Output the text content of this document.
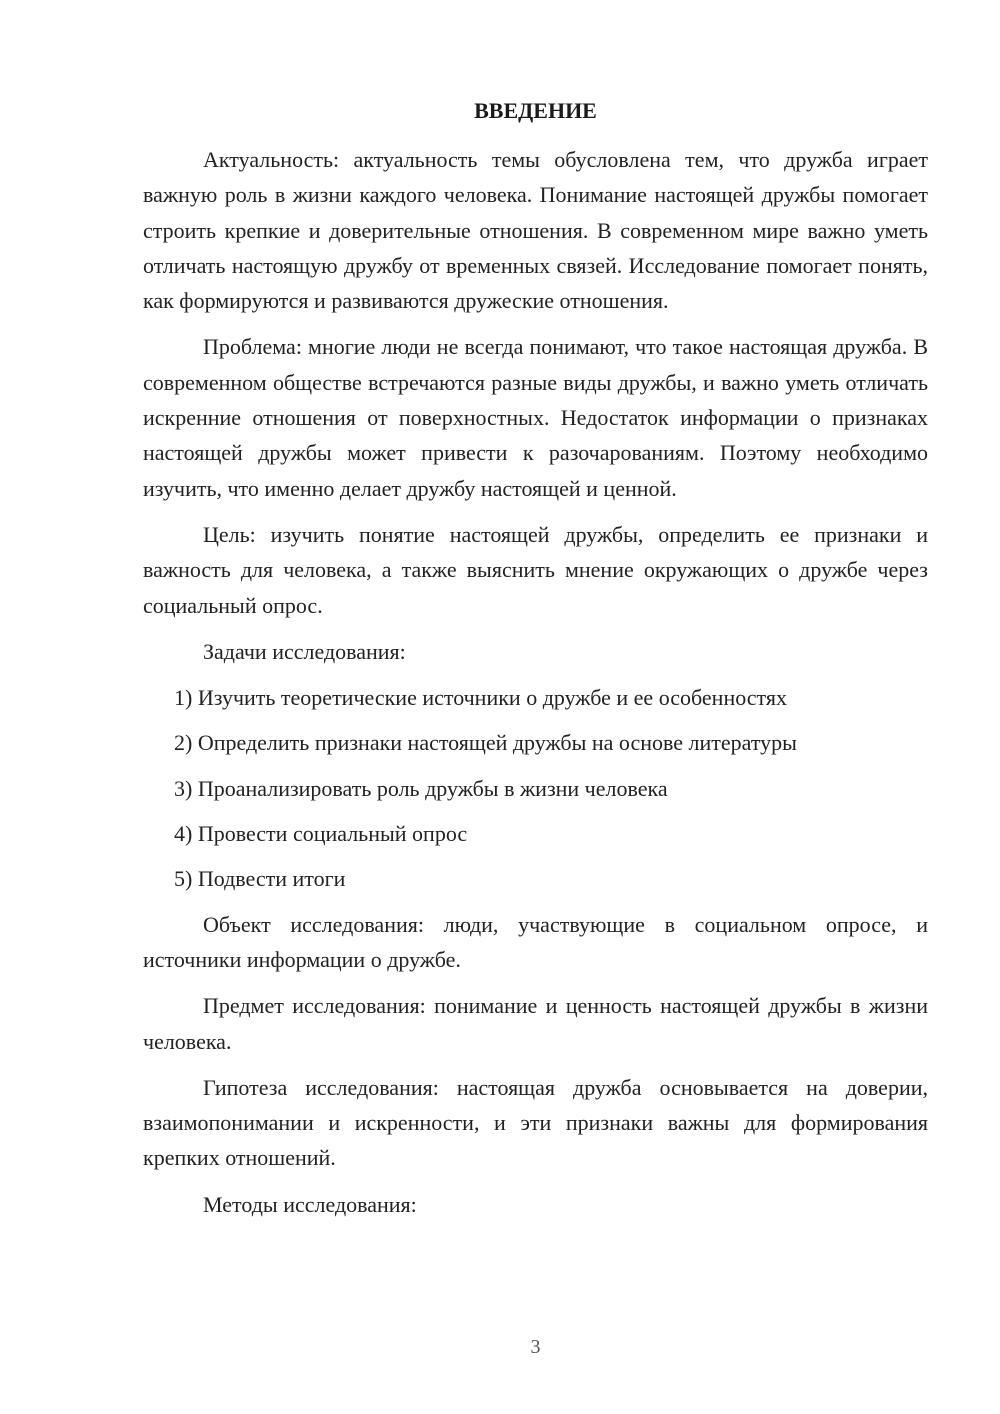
ВВЕДЕНИЕ

Актуальность: актуальность темы обусловлена тем, что дружба играет важную роль в жизни каждого человека. Понимание настоящей дружбы помогает строить крепкие и доверительные отношения. В современном мире важно уметь отличать настоящую дружбу от временных связей. Исследование помогает понять, как формируются и развиваются дружеские отношения.

Проблема: многие люди не всегда понимают, что такое настоящая дружба. В современном обществе встречаются разные виды дружбы, и важно уметь отличать искренние отношения от поверхностных. Недостаток информации о признаках настоящей дружбы может привести к разочарованиям. Поэтому необходимо изучить, что именно делает дружбу настоящей и ценной.

Цель: изучить понятие настоящей дружбы, определить ее признаки и важность для человека, а также выяснить мнение окружающих о дружбе через социальный опрос.

Задачи исследования:

1) Изучить теоретические источники о дружбе и ее особенностях

2) Определить признаки настоящей дружбы на основе литературы

3) Проанализировать роль дружбы в жизни человека

4) Провести социальный опрос

5) Подвести итоги

Объект исследования: люди, участвующие в социальном опросе, и источники информации о дружбе.

Предмет исследования: понимание и ценность настоящей дружбы в жизни человека.

Гипотеза исследования: настоящая дружба основывается на доверии, взаимопонимании и искренности, и эти признаки важны для формирования крепких отношений.

Методы исследования:

3
